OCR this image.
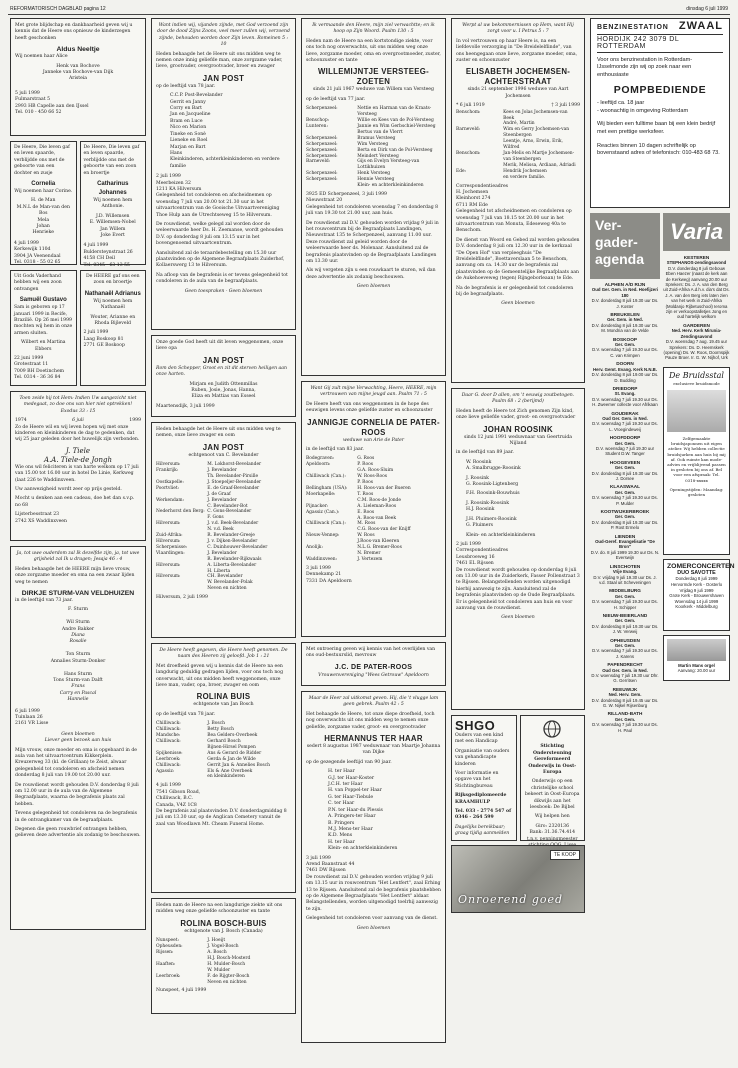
REFORMATORISCH DAGBLAD pagina 12	dinsdag 6 juli 1999

Met grote blijdschap en dankbaarheid geven wij u kennis dat de Heere ons opnieuw de kinderzegen heeft geschonken

Aldus Neeltje

Wij noemen haar Alice

Henk van Bochove
Janneke van Bochove-van Dijk
Aristeia
5 juli 1999
Fulmarstraat 5
2993 HB Capelle aan den IJssel
Tel. 010 - 450 66 52

De Heere, Die leven gaf en leven spaarde, verblijdde ons met de geboorte van een dochter en zusje

Cornelia

Wij noemen haar Corine.

H. de Man
M.N.L de Man-van den Bos
Mela
Johan
Henrieke
4 juli 1999
Kerkewijk 110d
3904 JA Veenendaal
Tel. 0318 - 55 02 65

De Heere, Die leven gaf en leven spaarde, verblijdde ons met de geboorte van een zoon en broertje

Catharinus Johannes

Wij noemen hem Anthonie.

J.D. Willemsen
E. Willemsen-Nobel
Jan Willem
Joke Evert
4 juli 1999
Buldersteynstraat 26
4158 CH Deil
Tel. 0345 - 63 13 55

Uit Gods Vaderhand hebben wij een zoon ontvangen

Samuël Gustavo

Sam is geboren op 17 januari 1999 in Recife, Brazilië. Op 26 mei 1999 mochten wij hem in onze armen sluiten.

Wilbert en Martina Ebbers

22 juni 1999
Grotestraat 11
7009 BH Doetinchem
Tel. 0314 - 36 36 84

De HEERE gaf ons een zoon en broertje

Nathanaël Adrianus

Wij noemen hem Nathanaël

Wouter, Arianne en Rhoda Bijleveld

2 juli 1999
Laag Boskoop 81
2771 GE Boskoop

Toen zeide hij tot Hem: Indien Uw aangezicht niet medegaat, zo doe ons van hier niet optrekken! Exodus 33 : 15

1974	6 juli	1999

Zo de Heere wil en wij leven hopen wij met onze kinderen en kleinkinderen de dag te gedenken, dat wij 25 jaar geleden door het huwelijk zijn verbonden.

J. Tiele
A.A. Tiele-de Jongh

Wie ons wil feliciteren is van harte welkom op 17 juli van 15.00 tot 16.00 uur in hotel De Linie, Kerkweg (laat 226 te Waddinxveen.

Uw aanwezigheid wordt zeer op prijs gesteld.

Mocht u denken aan een cadeau, doe het dan s.v.p. no 68

Lijsterbesstraat 23
2742 XS Waddinxveen

Ja, tot uwe ouderdom zal Ik dezelfde zijn, ja, tot uwe grijsheid zal Ik u dragen; Jesaja 46 : 4

Heden behaagde het de HEERE mijn lieve vrouw, onze zorgzame moeder en oma na een zwaar lijden weg te nemen

DIRKJE STURM-VAN VELDHUIZEN

in de leeftijd van 73 jaar.

F. Sturm

Wil Sturm
Andre Bakker
Diana
Rosalie

Ton Sturm
Annalies Sturm-Donker

Hans Sturm
Tons Sturm-van Dalft
Frans
Carry en Pascal
Hannelie
6 juli 1999
Tuinlaan 26
2161 VR Lisse

Geen bloemen

Liever geen bezoek aan huis

Mijn vrouw, onze moeder en oma is opgebaard in de aula van het uitvaartcentrum Kikkerplein. Kreuzerweg 33 (kl. de Grillaan) te Zeist, alwaar gelegenheid tot condoleren en afscheid nemen donderdag 8 juli van 19.00 tot 20.00 uur.

De rouwdienst wordt gehouden D.V. donderdag 8 juli om 12.00 uur in de aula van de Algemene Begraafplaats, waarna de begrafenis plaats zal hebben.

Tevens gelegenheid tot condoleren na de begrafenis in de ontvangkamer van de begraafplaats.

Degenen die geen rouwbrief ontvangen hebben, gelieven deze advertentie als zodanig te beschouwen.

Want indien wij, vijanden zijnde, met God verzoend zijn door de dood Zijns Zoons, veel meer zullen wij, verzoend zijnde, behouden worden door Zijn leven. Romeinen 5 : 10

Heden behaagde het de Heere uit ons midden weg te nemen onze innig geliefde man, onze zorgzame vader, lieve, grootvader, overgrootvader, broer en zwager

JAN POST

op de leeftijd van 78 jaar.

C.C.P. Post-Bevelander
Gerrit en Janny
Corry en Bart
Jan en Jacqueline
Bram en Luce
Nico en Marion
Tineke en Sonè
Lieneke en Roel
Marjan en Bart
Hans
Kleinkinderen, achterkleinkinderen en verdere familie
2 juli 1999
Meerbeizen 32
1211 KA Hilversum

Gelegenheid tot condoleren en afscheidnemen op woensdag 7 juli van 20.00 tot 21.30 uur in het uitvaartcentrum van de Gooische Uitvaartvereniging Thoe Hulp aan de Utrechtseweg 15 te Hilversum.

De rouwdienst, welke gelegd zal worden door de weleerwaarde heer Ds. H. Zeemanse, wordt gehouden D.V. op donderdag 8 juli om 13.15 uur in het bovengenoemd uitvaartcentrum.

Aansluitend zal de teraardebestelling om 15.30 uur plaatsvinden op de Algemene Begraafplaats Zuiderhof, Kollaerswerg 13 te Hilversum.

Na afloop van de begrafenis is er tevens gelegenheid tot condoleren in de aula van de begraafplaats.

Geen toespraken - Geen bloemen

Onze goede God heeft uit dit leven weggenomen, onze lieve opa

JAN POST

Rom den Schepper, Groot en zit dit sterven heiligen aan onze harten.

Mirjam en Judith Ottenmillas
Ruben, Josie, Jonas, Hanna,
Eliza en Mattias van Esseel
Maartensdijk, 3 juli 1999

Heden behaagde het de Heere uit ons midden weg te nemen, onze lieve zwager en oom

JAN POST

echtgenoot van C. Bevelander

Hilversum:	M. Lokhorst-Bevelander
Frankrijk:	J. Bevelander
Th. Bevelander-Pirsille
Oostkapelle:	J. Stoepeljer-Bevelander
Poortvliet:	E. de Graaf-Bevelander
J. de Graaf
Werkendam:	J. Bevelander
C. Bevelander-Bot
Nederhorst den Berg: C. Gons-Bevelander
F. Gons
Hilversum:	J. v.d. Beek-Bevelander
N. v.d. Beek
Zuid-Afrika:	R. Bevelander-Greeje
Hilversum:	J. v. Dijken-Bevelander
Scherpenisse:	C. Duinhouwer-Bevelander
Vlaardingen:	J. Bevelander
R. Bevelander-Rijkwaals
Hilversum:	A. Liberta-Bevelander
H. Liberta
Hilversum:	CH. Bevelander
W. Bevelander-Polak
Neven en nichten
Hilversum, 2 juli 1999

De Heere heeft gegeven, die Heere heeft genomen. De naam des Heeren zij geloofd. Job 1 : 21

Met droefheid geven wij u kennis dat de Heere na een langdurig geduldig gedragen lijden, voor ons toch nog onverwacht, uit ons midden heeft weggenomen, onze lieve man, vader, opa, broer, zwager en oom

ROLINA BUIS

echtgenote van Jan Bosch

op de leeftijd van 78 jaar.

Chilliwack:	J. Bosch
Chilliwack:	Betty Bosch
Mandsche:	Bea Gelders-Overbeek
Chilliwack:	Gerhard Bosch
Bijnen-Hirsel Pompen
Spijkenisse:	Ans & Gerard de Ridder
Leerbroek:	Gerda & Jan de Wilde
Chilliwack:	Gerrit Jan & Annelies Bosch
Agassiz:	Els & Ane Overbeek
en kleinkinderen
4 juli 1999
7541 Gibson Road,
Chilliwack, B.C.
Canada, V4Z 1C8

De begrafenis zal plaatsvinden D.V. donderdagmiddag 8 juli om 13.30 uur, op de Anglican Cemetery vanuit de zaal van Woodlawn Mt. Cheam Funeral Home.

Heden nam de Heere na een langdurige ziekte uit ons midden weg onze geliefde schoonzuster en tante

ROLINA BOSCH-BUIS

echtgenote van J. Bosch (Canada)

Nunspeet:	J. Hoeijt
Opheusden:	J. Vogel-Bosch
Rijssen:	A. Bosch
H.J. Bosch-Mosterd
Haaften:	H. Mulder-Bosch
W. Mulder
Leerbroek:	F. de Rijgter-Bosch
Neven en nichten
Nunspeet, 4 juli 1999

Ik vermaande den Heere, mijn ziel verwachtte; en ik hoop op Zijn Woord. Psalm 130 : 5

Heden nam de Heere na een kortstondige ziekte, voor ons toch nog onverwachts, uit ons midden weg onze lieve, zorgzame moeder, oma en overgrootmoeder, zuster, schoonzuster en tante

WILLEMIJNTJE VERSTEEG-ZOETEN

sinds 21 juli 1967 weduwe van Willem van Versteeg

op de leeftijd van 77 jaar.

Scherpenzeel:	Nettie en Harman van de Kraats-Versteeg
Benschop:	Willie en Kees van de Pol-Versteeg
Lunteren:	Jannie en Wim Gerbschiel-Versteeg
Bertus van de Vlerrt
Scherpenzeel:	Bramus Versteeg
Scherpenzeel:	Wim Versteeg
Scherpenzeel:	Berta en Dirk van de Pol-Versteeg
Scherpenzeel:	Meindert Versteeg
Barneveld:	Gijs en Evelyn Versteeg-van Lottikhuizen
Scherpenzeel:	Henk Versteeg
Scherpenzeel:	Hennie Versteeg
Klein- en achterkleinkinderen
3925 ED Scherpenzeel, 3 juli 1999
Nieuwstraat 20

Gelegenheid tot condoleren woensdag 7 en donderdag 8 juli van 19.30 tot 21.00 uur, aan huis.

De rouwdienst zal D.V. gehouden worden vrijdag 9 juli in het rouwcentrum bij de Begraafplaats Landingen, Nieuwstraat 135 te Scherpenzeel, aanvang 11.00 uur. Deze rouwdienst zal geleid worden door de weleerwaarde heer ds. Molenaar. Aansluitend zal de begrafenis plaatsvinden op de Begraafplaats Landingen om 13.30 uur.

Als wij vergeten zijn u een rouwkaart te sturen, wil dan deze advertentie als zodanig beschouwen.

Geen bloemen

Want Gij zult mijne Verwachting, Heere, HEERE, mijn vertrouwen van mijne jeugd aan. Psalm 71 : 5

De Heere heeft van ons weggenomen in de hope des eeuwigen levens onze geliefde zuster en schoonzuster

JANNIGJE CORNELIA DE PATER-ROOS

weduwe van Arie de Pater

in de leeftijd van 83 jaar.

Bodegraven:	G. Roos
Apeldoorn:	P. Roos
G.A. Roos-Sluim
Chilliwack (Can.):	W. Roos-Roos
P. Roos
Bellingham (USA):	H. Roos-van der Bueren
Moerkapelle:	T. Roos
C.M. Roos-de Jonde
Pijnacker:	A. Lieleman-Roos
Agassiz (Can.):	E. Roos
A. Roos-van Beek
Chilliwack (Can.):	M. Roos
C.G. Roos-van der Knijff
Nieuw-Vennep:	W. Roos
J.Roos-van Kleeren
Anolijk:	N.L.G. Bremer-Roos
N. Bremer
Waddinxveen:	J. Vertezem
3 juli 1999
Dennekamp 21
7331 DA Apeldoorn

Met ontroering geven wij kennis van het overlijden van ons oud-bestuurslid, mevrouw

J.C. DE PATER-ROOS

Vrouwenvereniging "Wees Getrouw" Apeldoorn

Maar de Heer zal uitkomst geven. Hij, die 't vlugge lam geen gebrek. Psalm 42 : 5

Het behaagde de Heere, tot onze diepe droefheid, toch nog onverwachts uit ons midden weg te nemen onze geliefde, zorgzame vader, groot- en overgrootvader

HERMANNUS TER HAAR

sedert 8 augustus 1987 weduwnaar van Maartje Johanna van Dijke

op de gezegende leeftijd van 90 jaar.

H. ter Haar
G.J. ter Haar-Koster
J.C.H. ter Haar
H. van Poppel-ter Haar
G. ter Haar-Tiebule
C. ter Haar
P.N. ter Haar-du Plessis
A. Pringers-ter Haar
B. Pringers
M.J. Mens-ter Haar
K.D. Mens
H. ter Haar
Klein- en achterkleinkinderen
3 juli 1999
Arend Baanstraat 44
7461 DW Rijssen

De rouwdienst zal D.V. gehouden worden vrijdag 9 juli om 13.15 uur in rouwcentrum "Het Lentfert", zaal Erhing 13 te Rijssen. Aansluitend zal de begrafenis plaatshebben op de Algemene Begraafplaats "Het Lentfert" aldaar. Belangstellenden, worden uitgenodigd toelrhij aanwezig te zijn.

Gelegenheid tot condoleren voor aanvang van de dienst.

Geen bloemen

Werpt al uw bekommernissen op Hem, want Hij zorgt voor u. I Petrus 5 : 7

In vol vertrouwen op haar Heere is, na een liefdevolle verzorging in "De Breidelelflinde", van ons heengegaan onze lieve, zorgzame moeder, oma, zuster en schoonzuster

ELISABETH JOCHEMSEN-ACHTERSTRAAT

sinds 21 september 1996 weduwe van Aart Jochemsen

* 6 juli 1919	† 3 juli 1999
Benschom:	Kees en Jolas Jochemsen-van Beek
André, Martin
Barneveld:	Wim en Gerry Jochemsen-van Steenbergen
Leentje, Arno, Erwin, Erik, Wilfred
Benschom:	Jan-Melis en Martje Jochemsen-van Steenbergen
Merik, Melissa, Ardiaan, Adriadi
Ede:	Hendrik Jochemsen
en verdere familie.
Correspondentieadres
H. Jochemsen
Kleinhorst 274
6711 RM Ede

Gelegenheid tot afscheidnemen en condoleren op woensdag 7 juli van 18.15 tot 20.00 uur in het uitvaartcentrum van Monuta, Edeseweg 40a te Benschom.

De dienst van Woord en Gebed zal worden gehouden D.V. donderdag 8 juli om 12.30 uur in de kerkzaal "De Open Hof" van verpleeghuis "De Breidelelflinde", Boettaverslaan 5 te Benschom, aanvang om ca. 14.30 uur de begrafenis zal plaatsvinden op de Gemeentelijke Begraafplaats aan de Aukehoeveweg (tegen) Rijngeborleaan) te Ede.

Na de begrafenis is er gelegenheid tot condoleren bij de begraafplaats.

Geen bloemen

Daar G. door D allen, om 't eeuwig zoutbetogen. Psalm 68 : 2 (berijmd)

Heden heeft de Heere tot Zich genomen Zijn kind, onze lieve geliefde vader, groot- en overgrootvader

JOHAN ROOSINK

sinds 12 juni 1991 weduwnaar van Geertruida Nijland

in de leeftijd van 89 jaar.

W. Roosink
A. Smalbrugge-Roosink

J. Roosink
G. Roosink-Ligtenberg

F.H. Roosink-Bouwhuis

J. Roosink-Roosink
H.J. Roosink

J.H. Pluimers-Roosink
G. Pluimers

Klein- en achterkleinkinderen
2 juli 1999
Correspondentieadres
Leusbroeweg 16
7461 EL Rijssen

De rouwdienst wordt gehouden op donderdag 8 juli om 13.00 uur in de Zuiderkerk, Fasser Pollenstraat 3 te Rijssen. Belangstellenden worden uitgenodigd hierbij aanwezig te zijn. Aansluitend zal de begrafenis plaatsvinden op de Oude Begraafplaats. Er is gelegenheid tot condoleren aan huis en voor aanvang van de rouwdienst.

Geen bloemen

SHGO

Ouders van een kind met een Handicap

Organisatie van ouders van gehandicapte kinderen

Voor informatie en opgave van het Stichtingbureau

Rijksgediplomeerde KRAAMHULP

Tel. 033 - 2774 547 of 0346 - 264 599

Dagelijks bereikbaar; graag tijdig aanmelden

Stichting Ondersteuning Gereformeerd Onderwijs in Oost-Europa

Onderwijs op een christelijke school bekeert in Oost-Europa dikwijls aan het leesboek: De Bijbel

Wij helpen hen

Giro: 2320136
Bank: 31.36.74.414
t.n.v. penningmeester
TE KOOP
Onroerend goed
BENZINESTATION ZWAAL
HORDIJK 242 3079 DL ROTTERDAM

Voor ons benzinestation in Rotterdam-IJsselmonde zijn wij op zoek naar een enthousiaste

POMPBEDIENDE
- leeftijd ca. 18 jaar
- woonachtig in omgeving Rotterdam

Wij bieden een fulltime baan bij een klein bedrijf met een prettige werksfeer.

Reacties binnen 10 dagen schriftelijk op bovenstaand adres of telefonisch: 010-483 68 73.

Ver-
gader-
agenda
ALPHEN A/D RIJN
Oud Ger. Gem. in Ned. Hoefijzeri 180
D.V. donderdag 8 juli 19.30 uur Ds. J. Koster
BREUKELEN
Ger. Gem. in Ned.
D.V. donderdag 8 juli 19.30 uur Ds. M. Mondria van de Velde
BOSKOOP
Ger. Gem.
D.V. woensdag 7 juli 19.30 uur Ds. C. van Krimpen
DOORN
Herv. Gemt. Evang. Kerk N.N.B.
D.V. donderdag 8 juli 19.00 uur Ds. D. Budding
DRIEDORP
St. Evang.
D.V. woensdag 7 juli 19.30 uur Ds. H. Zweemer collecte voor Afrikaan
GOUDERAK
Oud Ger. Gem. in Ned.
D.V. woensdag 7 juli 19.30 uur Ds. L. Vroegindeweij
HOOFDDORP
Ger. Gem.
D.V. woensdag 7 juli 19.30 uur Student D.W. Tanger
HOOGEVEEN
Ger. Gem.
D.V. donderdag 8 juli 19.30 uur Ds. J. Dorsee
KLAASWAAL
Ger. Gem.
D.V. woensdag 7 juli 19.30 uur Ds. P. Mulder
KOOTWIJKERBROEK
Ger. Gem.
D.V. donderdag 8 juli 19.30 uur Ds. P. Rost Ermelo
LIENDEN
Oud-Geref. Evangelisatie "De Bron"
D.V. do. 8 juli 1999 19.30 uur Ds. N. Everswijn
LINSCHOTEN
Vrije Evang.
D.V. vrijdag 9 juli 19.30 uur Ds. J. v.d. Staal uit Scheveningen
MIDDELBURG
Ger. Gem.
D.V. woensdag 7 juli 19.30 uur Ds. H. Schipper
NIEUW-BEIERLAND
Ger. Gem.
D.V. donderdag 8 juli 19.30 uur Ds. J. W. Verweij
OPHEUSDEN
Ger. Gem.
D.V. woensdag 7 juli 19.30 uur Ds. J. Karens
PAPENDRECHT
Oud Ger. Gem. in Ned.
D.V. woensdag 7 juli 19.30 uur Dhr. G. Gerritsen
REEUWIJK
Ned. Herv. Gem.
D.V. donderdag 8 juli 19.45 uur Ds. G. W. Nijkel Rijsenburg
RILLAND-BATH
Ger. Gem.
D.V. woensdag 7 juli 19.30 uur Ds. H. Paul
Varia
KESTEREN
STEPHANOS-zendingsavond
D.V. donderdag 8 juli Gebouw Eben Haezer (naast de kerk aan de Kerkweg) aanvang 20.00 uur Sprekers: Ds. J. A. van den Berg uit Zuid-Afrika A.d.h.v. dia's dat Ds. J. A. van den Berg iets laten zien van het werk in Zuid-Afrika (Moldanjo Rijbetuschool) Ieroma zijn er verkoopstalletjes Jong en oud hartelijk welkom
GARDEREN
Ned. Herv. Kerk Mirunia-Zendingsavond
D.V. woensdag 7 aug. 19.45 uur Sprekers: Ds. D. Heemskerk (opening) Ds. W. Roos, Doornspijk Pauze Broer. Ir. G. W. Nijhof, Urk
De Bruidsstal
exclusieve bruidsmode
Zelfgemaakte bruidsjaponnen uit eigen atelier. Wij hebben collectie bruidsjurken aan huis bij mij af. Ook ruimte kan mode-advies en vrijblijvend passen in gesloten bij ons af. Bel voor een afspraak: Tel. 0318-xxxxx
Openingstijden: Maandag: gesloten
ZOMERCONCERTEN
DUO SAVOTTE
Donderdag 8 juli 1999
Hervormde Kerk - Oosterlo
Vrijdag 9 juli 1999
Grote Kerk - Brouwershaven
Woensdag 14 juli 1999
Koorkerk - Middelburg
Martin Mans orgel
Aanvang: 20.00 uur
